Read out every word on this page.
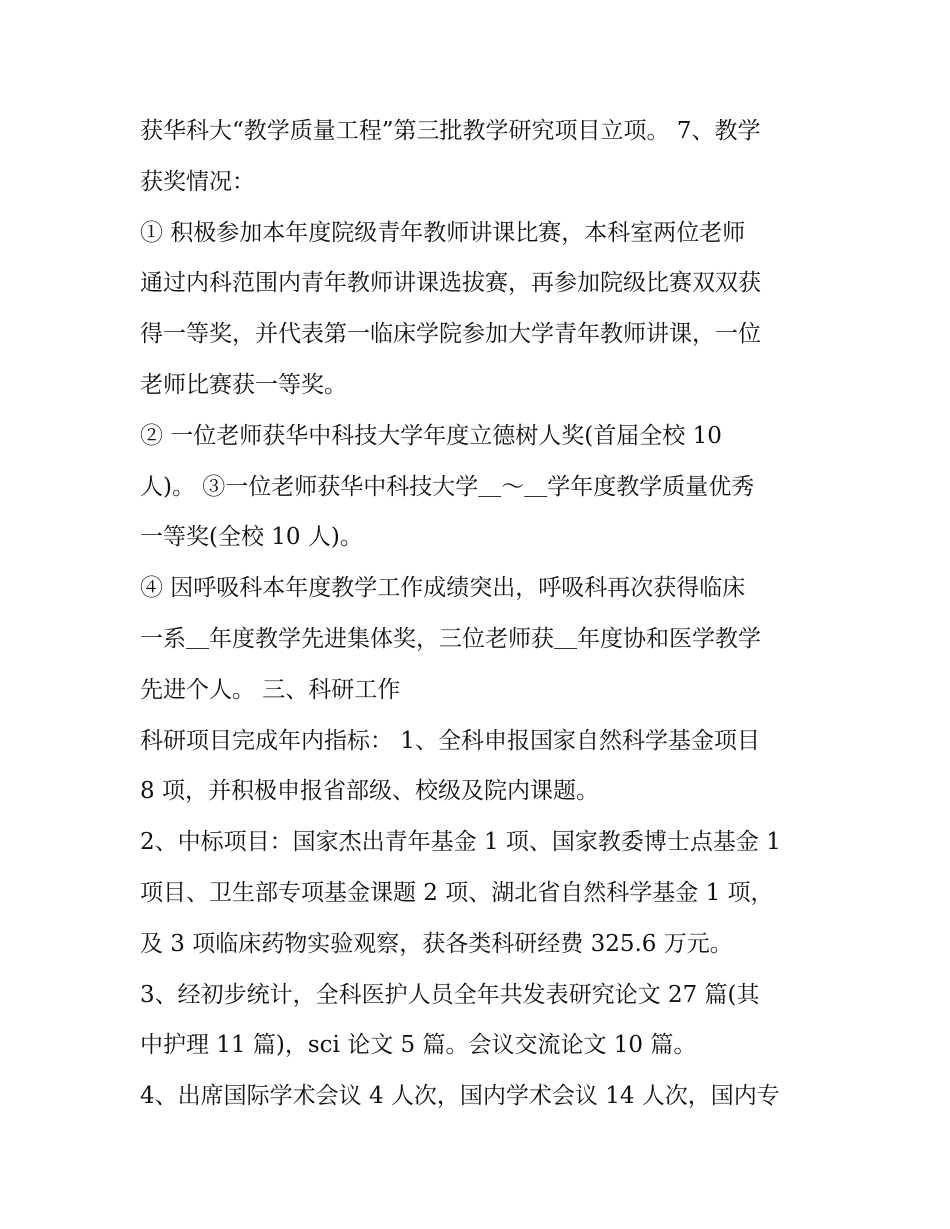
获华科大“教学质量工程”第三批教学研究项目立项。 7、教学
获奖情况：
① 积极参加本年度院级青年教师讲课比赛，本科室两位老师
通过内科范围内青年教师讲课选拔赛，再参加院级比赛双双获
得一等奖，并代表第一临床学院参加大学青年教师讲课，一位
老师比赛获一等奖。
② 一位老师获华中科技大学年度立德树人奖(首届全校 10
人)。 ③一位老师获华中科技大学＿～＿学年度教学质量优秀
一等奖(全校 10 人)。
④ 因呼吸科本年度教学工作成绩突出，呼吸科再次获得临床
一系＿年度教学先进集体奖，三位老师获＿年度协和医学教学
先进个人。 三、科研工作
科研项目完成年内指标： 1、全科申报国家自然科学基金项目
8 项，并积极申报省部级、校级及院内课题。
2、中标项目：国家杰出青年基金 1 项、国家教委博士点基金 1
项目、卫生部专项基金课题 2 项、湖北省自然科学基金 1 项，
及 3 项临床药物实验观察，获各类科研经费 325.6 万元。
3、经初步统计，全科医护人员全年共发表研究论文 27 篇(其
中护理 11 篇)，sci 论文 5 篇。会议交流论文 10 篇。
4、出席国际学术会议 4 人次，国内学术会议 14 人次，国内专
